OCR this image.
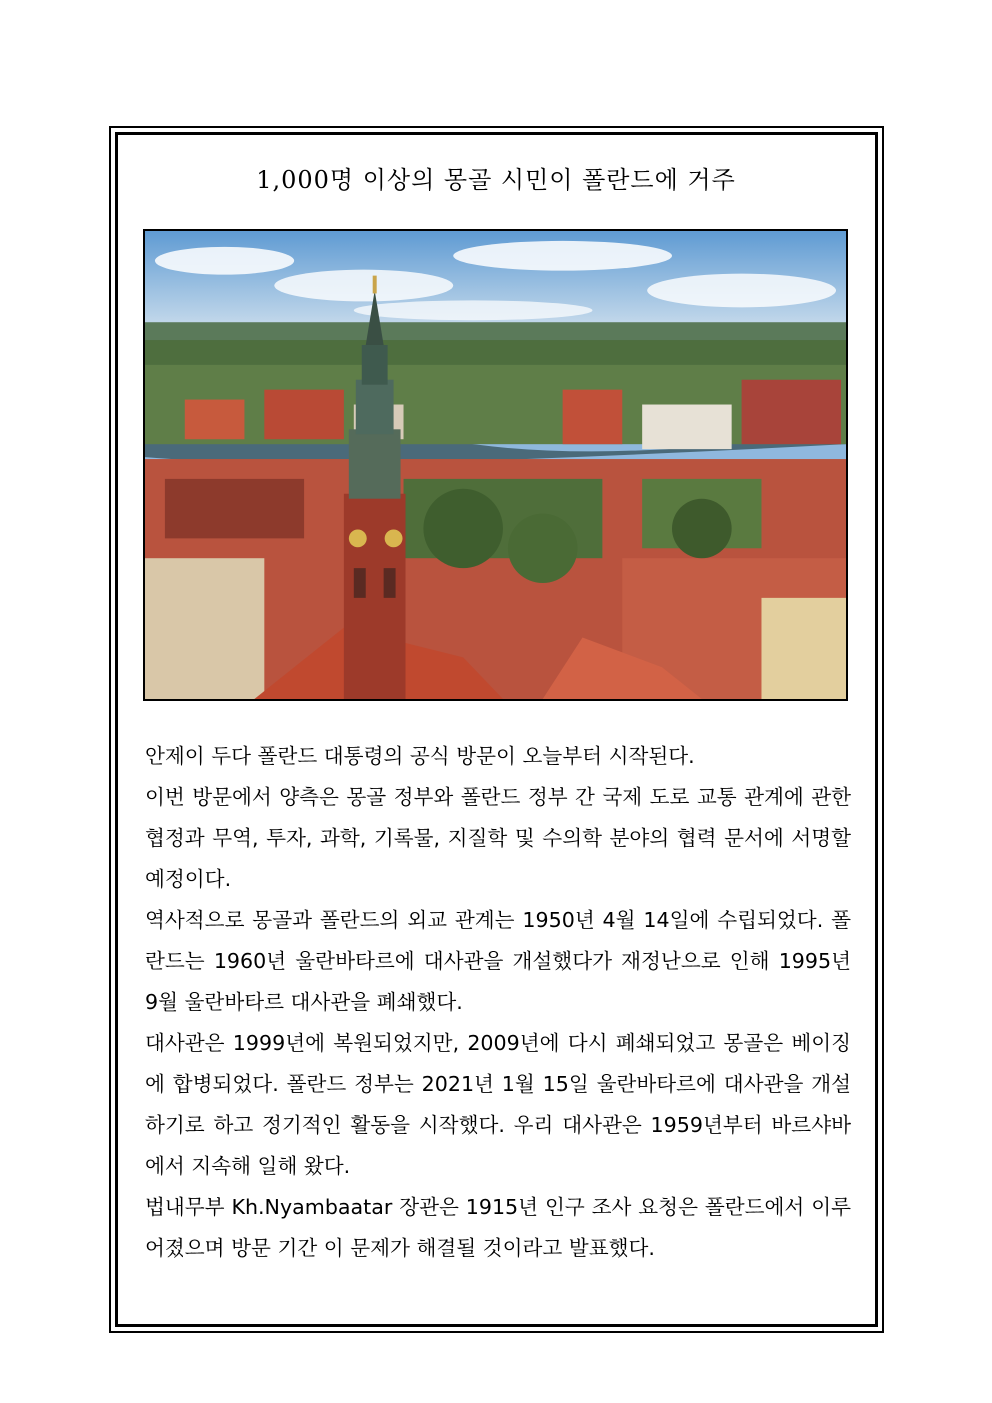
1,000명 이상의 몽골 시민이 폴란드에 거주

안제이 두다 폴란드 대통령의 공식 방문이 오늘부터 시작된다.

이번 방문에서 양측은 몽골 정부와 폴란드 정부 간 국제 도로 교통 관계에 관한 협정과 무역, 투자, 과학, 기록물, 지질학 및 수의학 분야의 협력 문서에 서명할 예정이다.

역사적으로 몽골과 폴란드의 외교 관계는 1950년 4월 14일에 수립되었다. 폴란드는 1960년 울란바타르에 대사관을 개설했다가 재정난으로 인해 1995년 9월 울란바타르 대사관을 폐쇄했다.

대사관은 1999년에 복원되었지만, 2009년에 다시 폐쇄되었고 몽골은 베이징에 합병되었다. 폴란드 정부는 2021년 1월 15일 울란바타르에 대사관을 개설하기로 하고 정기적인 활동을 시작했다. 우리 대사관은 1959년부터 바르샤바에서 지속해 일해 왔다.

법내무부 Kh.Nyambaatar 장관은 1915년 인구 조사 요청은 폴란드에서 이루어졌으며 방문 기간 이 문제가 해결될 것이라고 발표했다.
